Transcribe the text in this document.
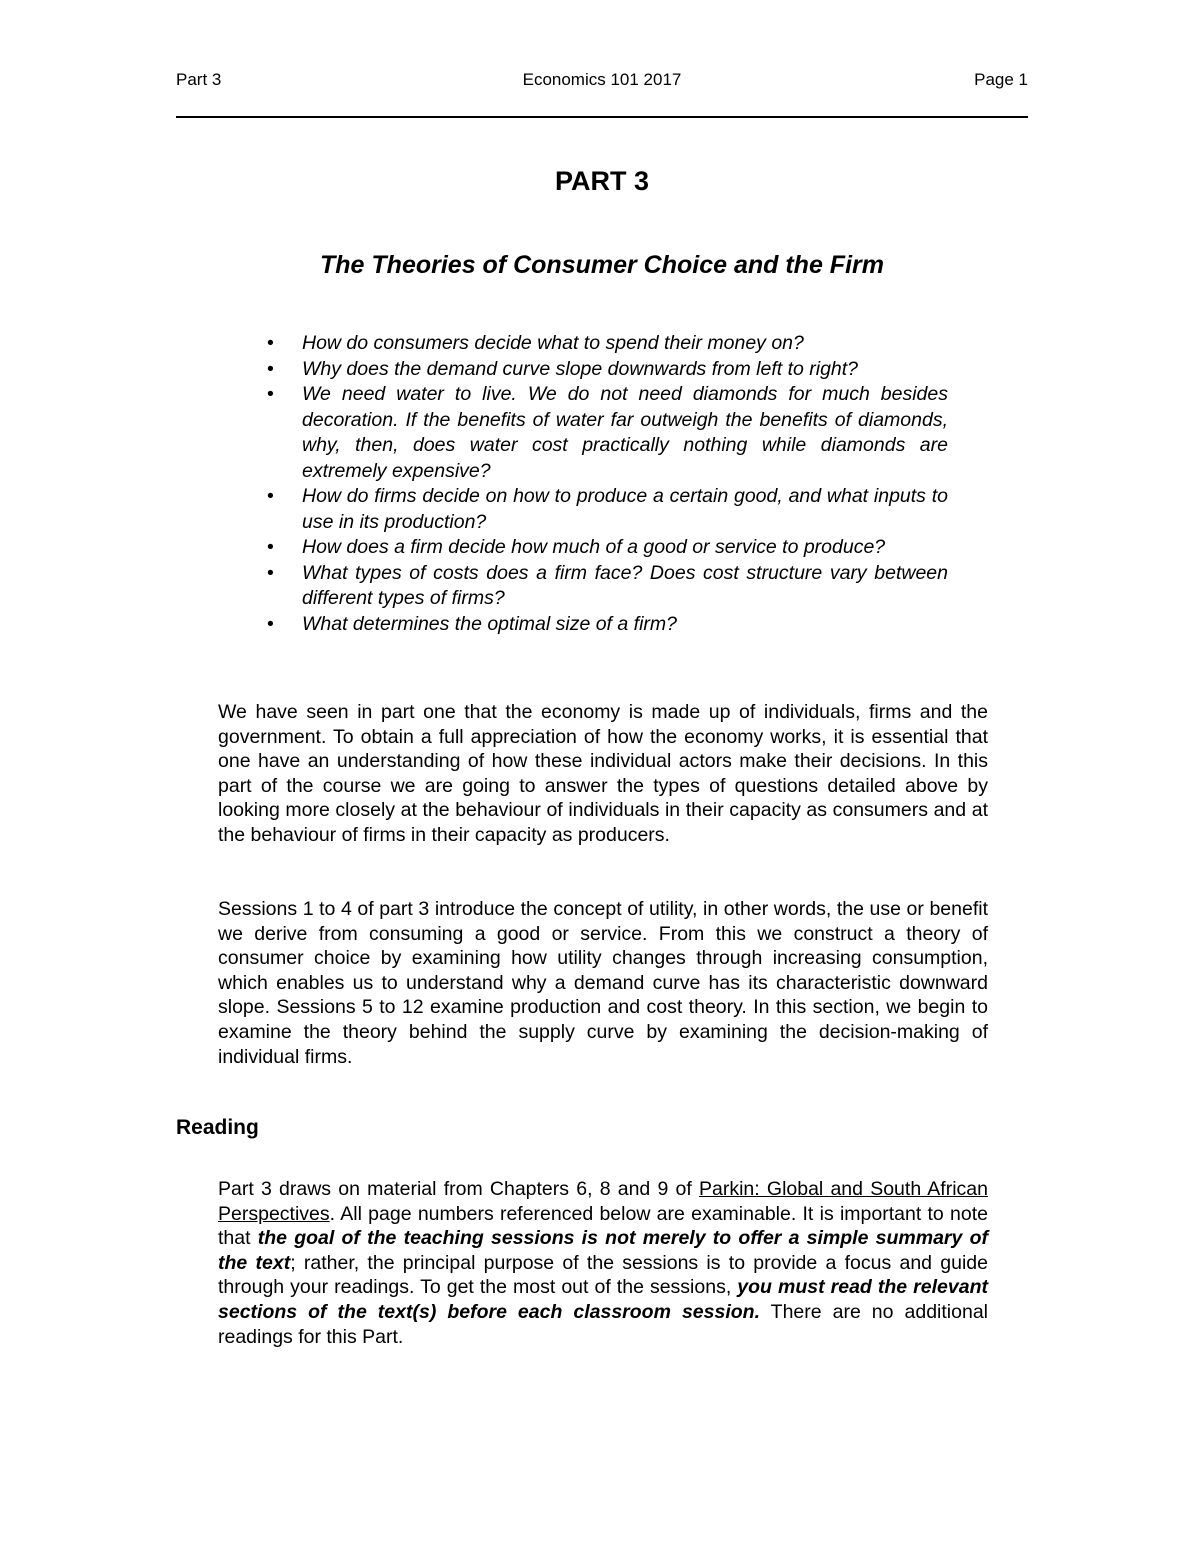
Part 3	Economics 101 2017	Page 1
PART 3
The Theories of Consumer Choice and the Firm
• How do consumers decide what to spend their money on?
• Why does the demand curve slope downwards from left to right?
• We need water to live. We do not need diamonds for much besides decoration. If the benefits of water far outweigh the benefits of diamonds, why, then, does water cost practically nothing while diamonds are extremely expensive?
• How do firms decide on how to produce a certain good, and what inputs to use in its production?
• How does a firm decide how much of a good or service to produce?
• What types of costs does a firm face? Does cost structure vary between different types of firms?
• What determines the optimal size of a firm?

We have seen in part one that the economy is made up of individuals, firms and the government. To obtain a full appreciation of how the economy works, it is essential that one have an understanding of how these individual actors make their decisions. In this part of the course we are going to answer the types of questions detailed above by looking more closely at the behaviour of individuals in their capacity as consumers and at the behaviour of firms in their capacity as producers.

Sessions 1 to 4 of part 3 introduce the concept of utility, in other words, the use or benefit we derive from consuming a good or service. From this we construct a theory of consumer choice by examining how utility changes through increasing consumption, which enables us to understand why a demand curve has its characteristic downward slope. Sessions 5 to 12 examine production and cost theory. In this section, we begin to examine the theory behind the supply curve by examining the decision-making of individual firms.

Reading

Part 3 draws on material from Chapters 6, 8 and 9 of Parkin: Global and South African Perspectives. All page numbers referenced below are examinable. It is important to note that the goal of the teaching sessions is not merely to offer a simple summary of the text; rather, the principal purpose of the sessions is to provide a focus and guide through your readings. To get the most out of the sessions, you must read the relevant sections of the text(s) before each classroom session. There are no additional readings for this Part.
